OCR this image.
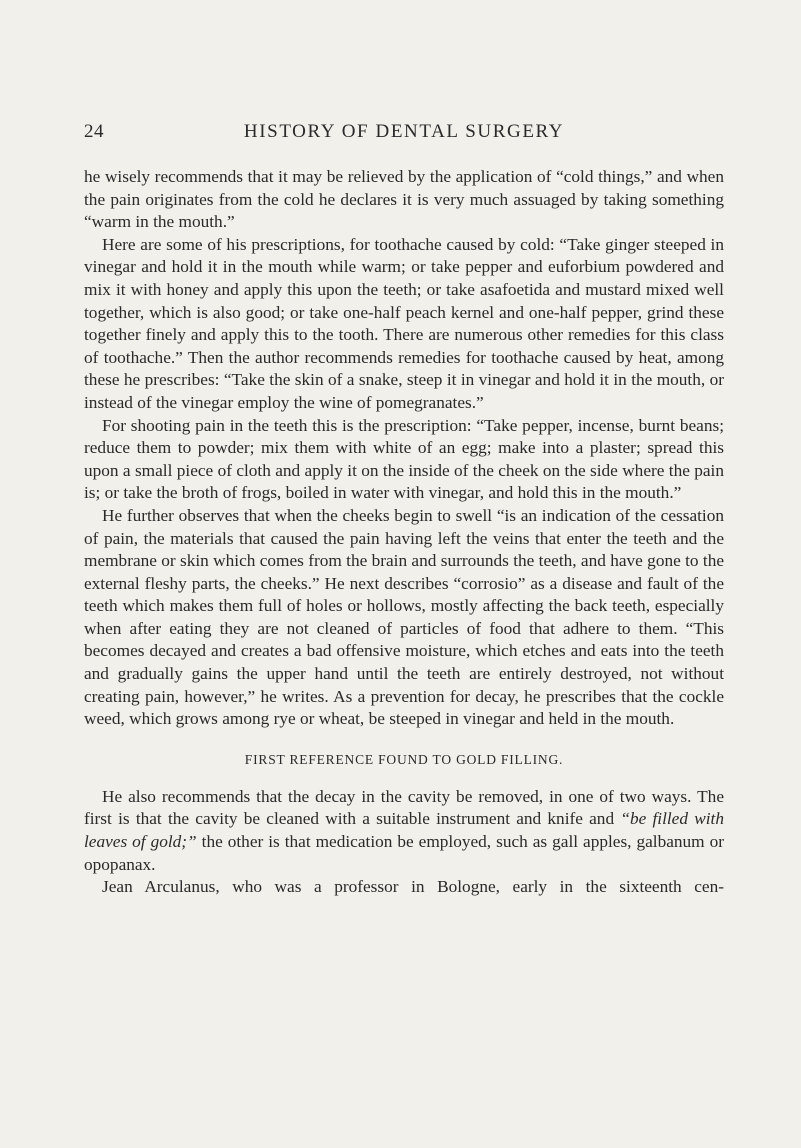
24	HISTORY OF DENTAL SURGERY

he wisely recommends that it may be relieved by the application of “cold things,” and when the pain originates from the cold he declares it is very much assuaged by taking something “warm in the mouth.”

Here are some of his prescriptions, for toothache caused by cold: “Take ginger steeped in vinegar and hold it in the mouth while warm; or take pepper and euforbium powdered and mix it with honey and apply this upon the teeth; or take asafoetida and mustard mixed well together, which is also good; or take one-half peach kernel and one-half pepper, grind these together finely and apply this to the tooth. There are numerous other remedies for this class of toothache.” Then the author recommends remedies for toothache caused by heat, among these he prescribes: “Take the skin of a snake, steep it in vinegar and hold it in the mouth, or instead of the vinegar employ the wine of pomegranates.”

For shooting pain in the teeth this is the prescription: “Take pepper, incense, burnt beans; reduce them to powder; mix them with white of an egg; make into a plaster; spread this upon a small piece of cloth and apply it on the inside of the cheek on the side where the pain is; or take the broth of frogs, boiled in water with vinegar, and hold this in the mouth.”

He further observes that when the cheeks begin to swell “is an indication of the cessation of pain, the materials that caused the pain having left the veins that enter the teeth and the membrane or skin which comes from the brain and surrounds the teeth, and have gone to the external fleshy parts, the cheeks.” He next describes “corrosio” as a disease and fault of the teeth which makes them full of holes or hollows, mostly affecting the back teeth, especially when after eating they are not cleaned of particles of food that adhere to them. “This becomes decayed and creates a bad offensive moisture, which etches and eats into the teeth and gradually gains the upper hand until the teeth are entirely destroyed, not without creating pain, however,” he writes. As a prevention for decay, he prescribes that the cockle weed, which grows among rye or wheat, be steeped in vinegar and held in the mouth.

FIRST REFERENCE FOUND TO GOLD FILLING.

He also recommends that the decay in the cavity be removed, in one of two ways. The first is that the cavity be cleaned with a suitable instrument and knife and “be filled with leaves of gold;” the other is that medication be employed, such as gall apples, galbanum or opopanax.

Jean Arculanus, who was a professor in Bologne, early in the sixteenth cen-
